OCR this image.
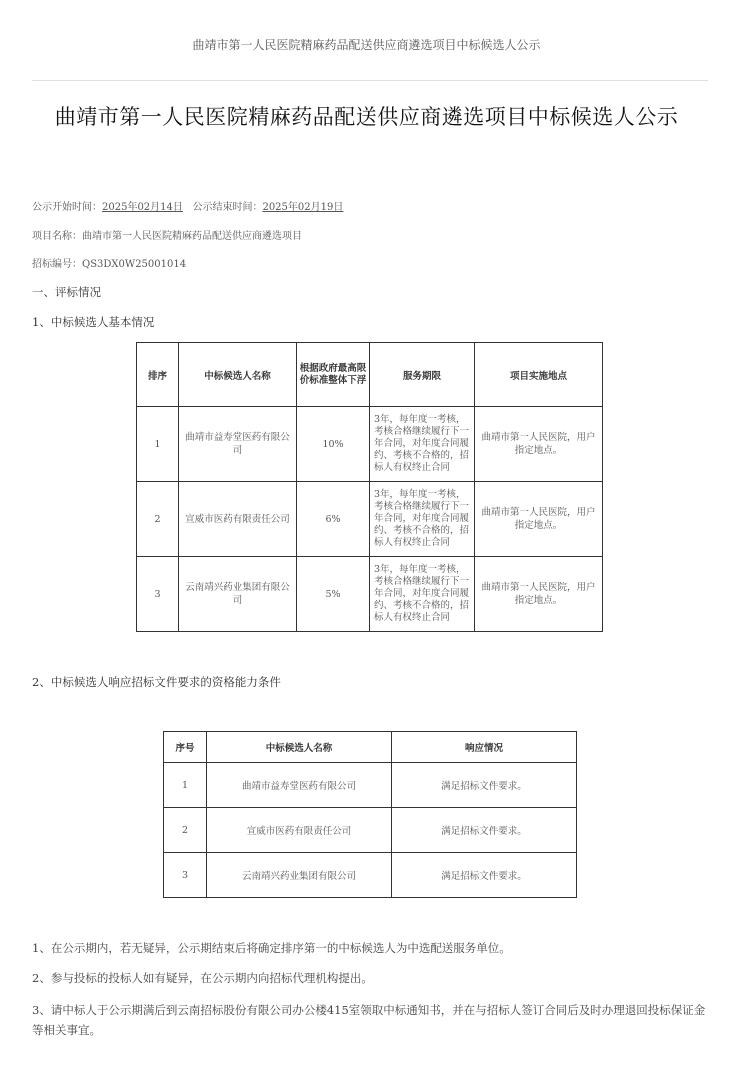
曲靖市第一人民医院精麻药品配送供应商遴选项目中标候选人公示
曲靖市第一人民医院精麻药品配送供应商遴选项目中标候选人公示
公示开始时间：2025年02月14日 公示结束时间：2025年02月19日
项目名称：曲靖市第一人民医院精麻药品配送供应商遴选项目
招标编号：QS3DX0W25001014
一、评标情况
1、中标候选人基本情况
排序	中标候选人名称	根据政府最高限价标准整体下浮	服务期限	项目实施地点
1	曲靖市益寿堂医药有限公司	10%	3年，每年度一考核，考核合格继续履行下一年合同，对年度合同履约、考核不合格的，招标人有权终止合同	曲靖市第一人民医院，用户指定地点。
2	宣威市医药有限责任公司	6%	3年，每年度一考核，考核合格继续履行下一年合同，对年度合同履约、考核不合格的，招标人有权终止合同	曲靖市第一人民医院，用户指定地点。
3	云南靖兴药业集团有限公司	5%	3年，每年度一考核，考核合格继续履行下一年合同，对年度合同履约、考核不合格的，招标人有权终止合同	曲靖市第一人民医院，用户指定地点。
2、中标候选人响应招标文件要求的资格能力条件
序号	中标候选人名称	响应情况
1	曲靖市益寿堂医药有限公司	满足招标文件要求。
2	宣威市医药有限责任公司	满足招标文件要求。
3	云南靖兴药业集团有限公司	满足招标文件要求。
1、在公示期内，若无疑异，公示期结束后将确定排序第一的中标候选人为中选配送服务单位。
2、参与投标的投标人如有疑异，在公示期内向招标代理机构提出。
3、请中标人于公示期满后到云南招标股份有限公司办公楼415室领取中标通知书，并在与招标人签订合同后及时办理退回投标保证金等相关事宜。
